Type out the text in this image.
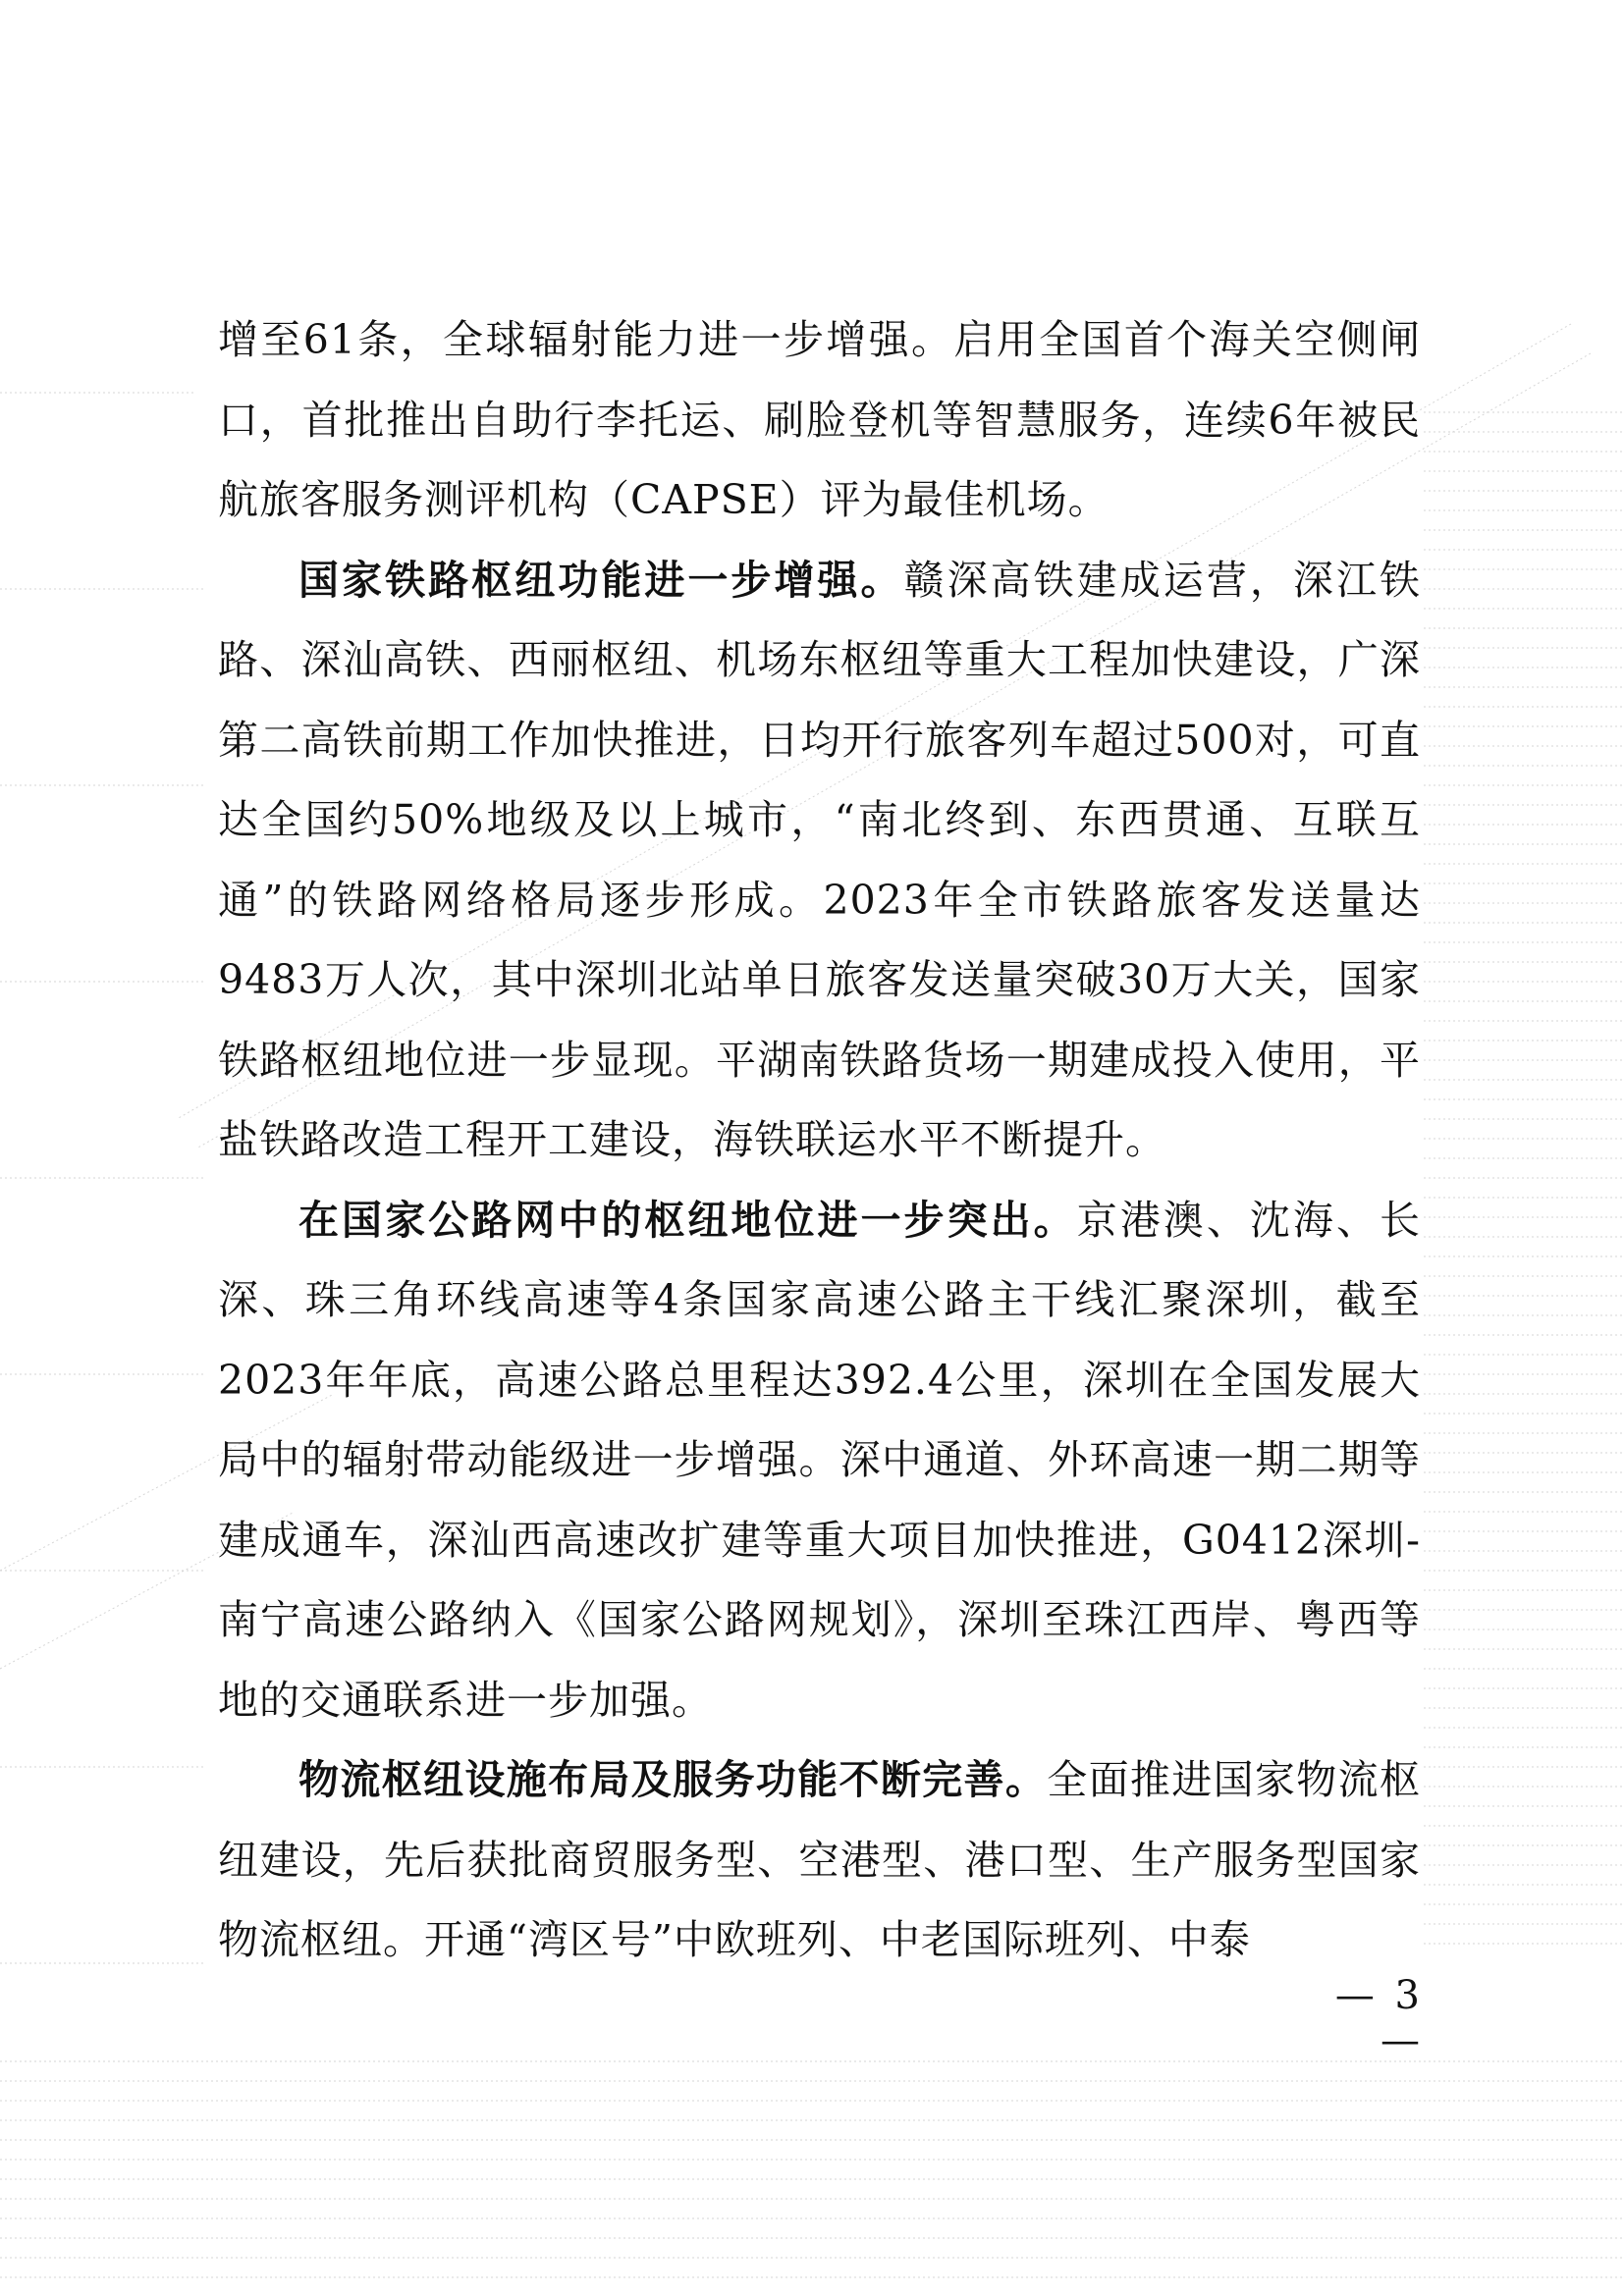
增至61条，全球辐射能力进一步增强。启用全国首个海关空侧闸口，首批推出自助行李托运、刷脸登机等智慧服务，连续6年被民航旅客服务测评机构（CAPSE）评为最佳机场。

国家铁路枢纽功能进一步增强。赣深高铁建成运营，深江铁路、深汕高铁、西丽枢纽、机场东枢纽等重大工程加快建设，广深第二高铁前期工作加快推进，日均开行旅客列车超过500对，可直达全国约50%地级及以上城市，“南北终到、东西贯通、互联互通”的铁路网络格局逐步形成。2023年全市铁路旅客发送量达9483万人次，其中深圳北站单日旅客发送量突破30万大关，国家铁路枢纽地位进一步显现。平湖南铁路货场一期建成投入使用，平盐铁路改造工程开工建设，海铁联运水平不断提升。

在国家公路网中的枢纽地位进一步突出。京港澳、沈海、长深、珠三角环线高速等4条国家高速公路主干线汇聚深圳，截至2023年年底，高速公路总里程达392.4公里，深圳在全国发展大局中的辐射带动能级进一步增强。深中通道、外环高速一期二期等建成通车，深汕西高速改扩建等重大项目加快推进，G0412深圳-南宁高速公路纳入《国家公路网规划》，深圳至珠江西岸、粤西等地的交通联系进一步加强。

物流枢纽设施布局及服务功能不断完善。全面推进国家物流枢纽建设，先后获批商贸服务型、空港型、港口型、生产服务型国家物流枢纽。开通“湾区号”中欧班列、中老国际班列、中泰

— 3 —
